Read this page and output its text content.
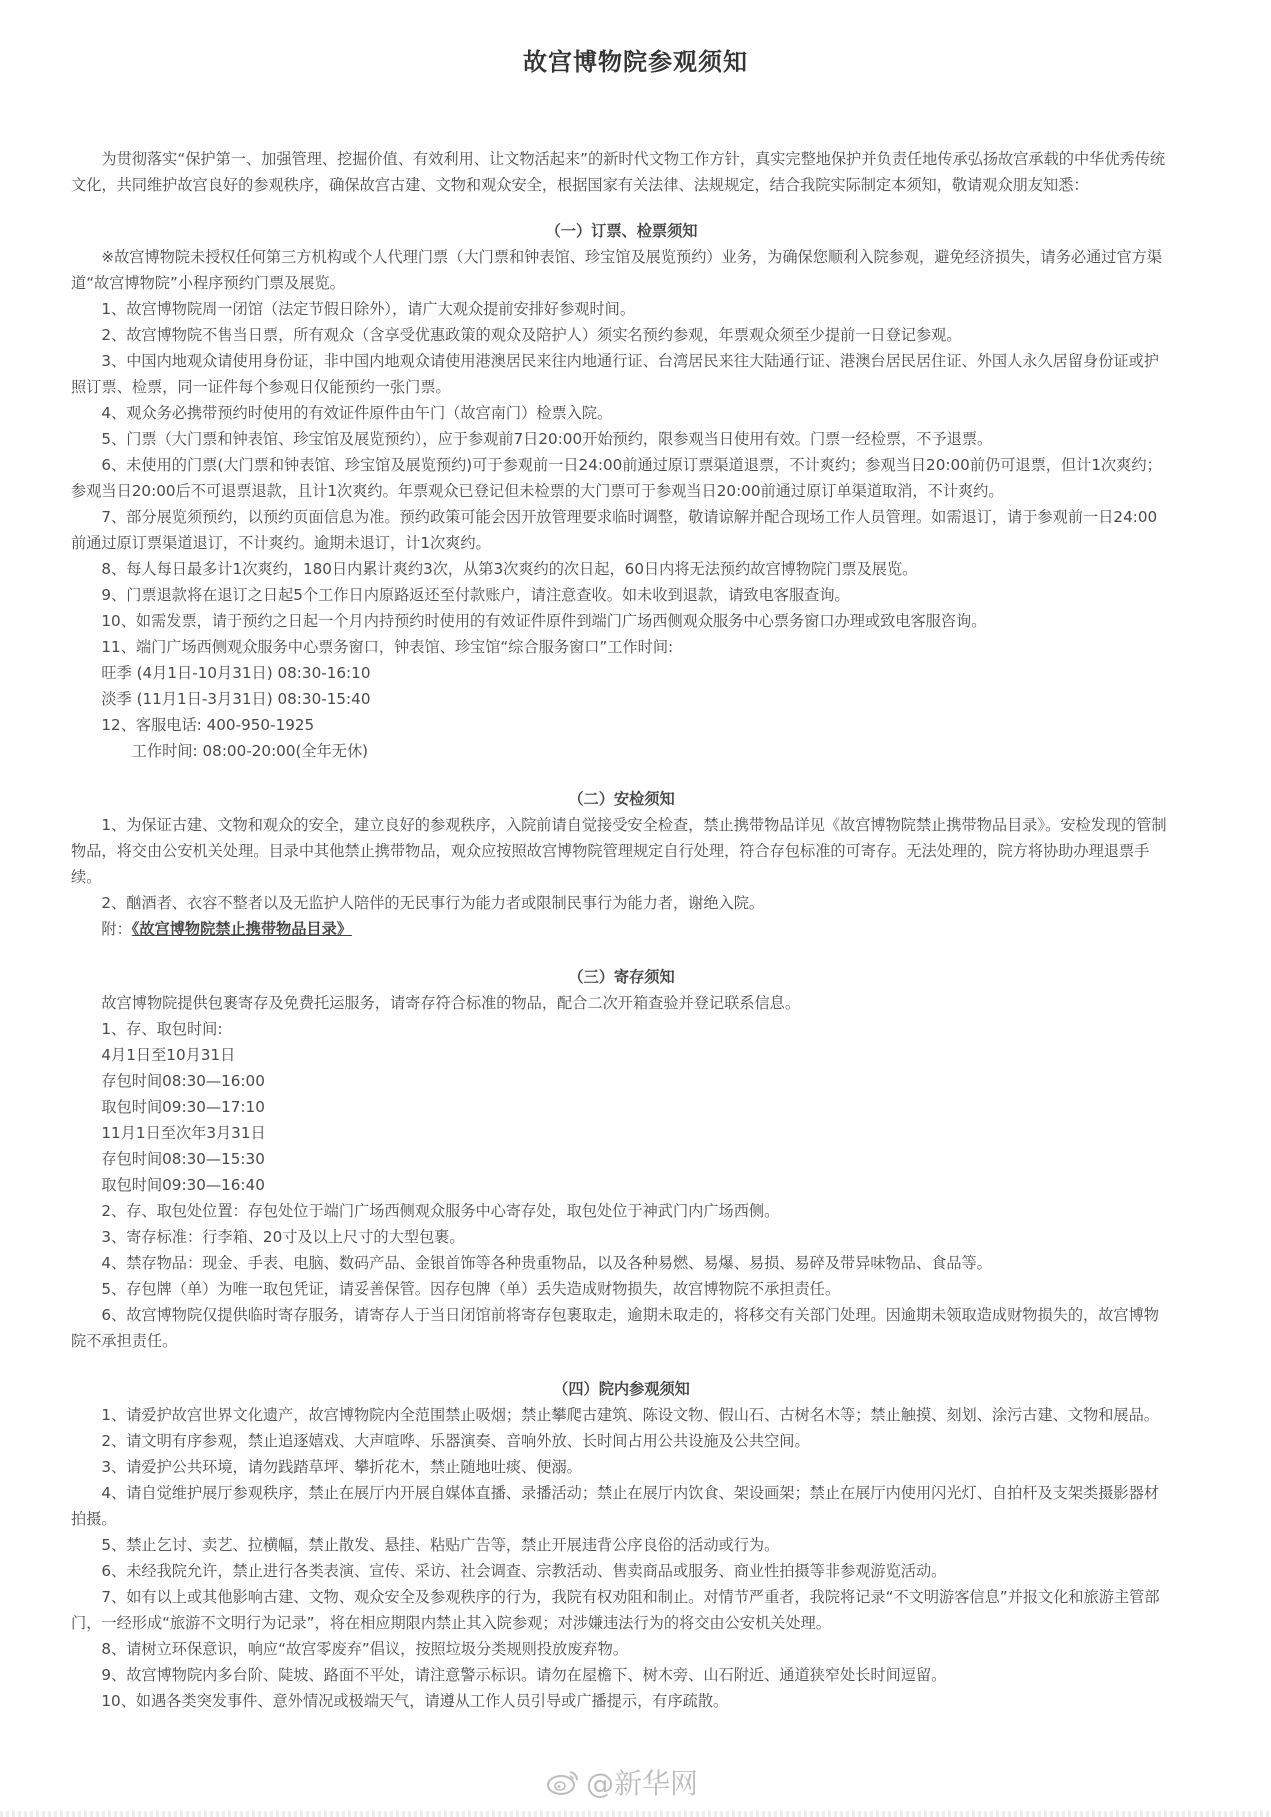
故宫博物院参观须知

为贯彻落实“保护第一、加强管理、挖掘价值、有效利用、让文物活起来”的新时代文物工作方针，真实完整地保护并负责任地传承弘扬故宫承载的中华优秀传统文化，共同维护故宫良好的参观秩序，确保故宫古建、文物和观众安全，根据国家有关法律、法规规定，结合我院实际制定本须知，敬请观众朋友知悉：

（一）订票、检票须知

※故宫博物院未授权任何第三方机构或个人代理门票（大门票和钟表馆、珍宝馆及展览预约）业务，为确保您顺利入院参观，避免经济损失，请务必通过官方渠道“故宫博物院”小程序预约门票及展览。

1、故宫博物院周一闭馆（法定节假日除外），请广大观众提前安排好参观时间。

2、故宫博物院不售当日票，所有观众（含享受优惠政策的观众及陪护人）须实名预约参观，年票观众须至少提前一日登记参观。

3、中国内地观众请使用身份证，非中国内地观众请使用港澳居民来往内地通行证、台湾居民来往大陆通行证、港澳台居民居住证、外国人永久居留身份证或护照订票、检票，同一证件每个参观日仅能预约一张门票。

4、观众务必携带预约时使用的有效证件原件由午门（故宫南门）检票入院。

5、门票（大门票和钟表馆、珍宝馆及展览预约），应于参观前7日20:00开始预约，限参观当日使用有效。门票一经检票，不予退票。

6、未使用的门票(大门票和钟表馆、珍宝馆及展览预约)可于参观前一日24:00前通过原订票渠道退票，不计爽约；参观当日20:00前仍可退票，但计1次爽约；参观当日20:00后不可退票退款，且计1次爽约。年票观众已登记但未检票的大门票可于参观当日20:00前通过原订单渠道取消，不计爽约。

7、部分展览须预约，以预约页面信息为准。预约政策可能会因开放管理要求临时调整，敬请谅解并配合现场工作人员管理。如需退订，请于参观前一日24:00前通过原订票渠道退订，不计爽约。逾期未退订，计1次爽约。

8、每人每日最多计1次爽约，180日内累计爽约3次，从第3次爽约的次日起，60日内将无法预约故宫博物院门票及展览。

9、门票退款将在退订之日起5个工作日内原路返还至付款账户，请注意查收。如未收到退款，请致电客服查询。

10、如需发票，请于预约之日起一个月内持预约时使用的有效证件原件到端门广场西侧观众服务中心票务窗口办理或致电客服咨询。

11、端门广场西侧观众服务中心票务窗口，钟表馆、珍宝馆“综合服务窗口”工作时间:

旺季 (4月1日-10月31日) 08:30-16:10

淡季 (11月1日-3月31日) 08:30-15:40

12、客服电话: 400-950-1925

工作时间: 08:00-20:00(全年无休)

（二）安检须知

1、为保证古建、文物和观众的安全，建立良好的参观秩序，入院前请自觉接受安全检查，禁止携带物品详见《故宫博物院禁止携带物品目录》。安检发现的管制物品，将交由公安机关处理。目录中其他禁止携带物品，观众应按照故宫博物院管理规定自行处理，符合存包标准的可寄存。无法处理的，院方将协助办理退票手续。

2、酗酒者、衣容不整者以及无监护人陪伴的无民事行为能力者或限制民事行为能力者，谢绝入院。

附：《故宫博物院禁止携带物品目录》

（三）寄存须知

故宫博物院提供包裹寄存及免费托运服务，请寄存符合标准的物品，配合二次开箱查验并登记联系信息。

1、存、取包时间:

4月1日至10月31日

存包时间08:30—16:00

取包时间09:30—17:10

11月1日至次年3月31日

存包时间08:30—15:30

取包时间09:30—16:40

2、存、取包处位置：存包处位于端门广场西侧观众服务中心寄存处，取包处位于神武门内广场西侧。

3、寄存标准：行李箱、20寸及以上尺寸的大型包裹。

4、禁存物品：现金、手表、电脑、数码产品、金银首饰等各种贵重物品，以及各种易燃、易爆、易损、易碎及带异味物品、食品等。

5、存包牌（单）为唯一取包凭证，请妥善保管。因存包牌（单）丢失造成财物损失，故宫博物院不承担责任。

6、故宫博物院仅提供临时寄存服务，请寄存人于当日闭馆前将寄存包裹取走，逾期未取走的，将移交有关部门处理。因逾期未领取造成财物损失的，故宫博物院不承担责任。

（四）院内参观须知

1、请爱护故宫世界文化遗产，故宫博物院内全范围禁止吸烟；禁止攀爬古建筑、陈设文物、假山石、古树名木等；禁止触摸、刻划、涂污古建、文物和展品。

2、请文明有序参观，禁止追逐嬉戏、大声喧哗、乐器演奏、音响外放、长时间占用公共设施及公共空间。

3、请爱护公共环境，请勿践踏草坪、攀折花木，禁止随地吐痰、便溺。

4、请自觉维护展厅参观秩序，禁止在展厅内开展自媒体直播、录播活动；禁止在展厅内饮食、架设画架；禁止在展厅内使用闪光灯、自拍杆及支架类摄影器材拍摄。

5、禁止乞讨、卖艺、拉横幅，禁止散发、悬挂、粘贴广告等，禁止开展违背公序良俗的活动或行为。

6、未经我院允许，禁止进行各类表演、宣传、采访、社会调查、宗教活动、售卖商品或服务、商业性拍摄等非参观游览活动。

7、如有以上或其他影响古建、文物、观众安全及参观秩序的行为，我院有权劝阻和制止。对情节严重者，我院将记录“不文明游客信息”并报文化和旅游主管部门，一经形成“旅游不文明行为记录”，将在相应期限内禁止其入院参观；对涉嫌违法行为的将交由公安机关处理。

8、请树立环保意识，响应“故宫零废弃”倡议，按照垃圾分类规则投放废弃物。

9、故宫博物院内多台阶、陡坡、路面不平处，请注意警示标识。请勿在屋檐下、树木旁、山石附近、通道狭窄处长时间逗留。

10、如遇各类突发事件、意外情况或极端天气，请遵从工作人员引导或广播提示，有序疏散。

@新华网
